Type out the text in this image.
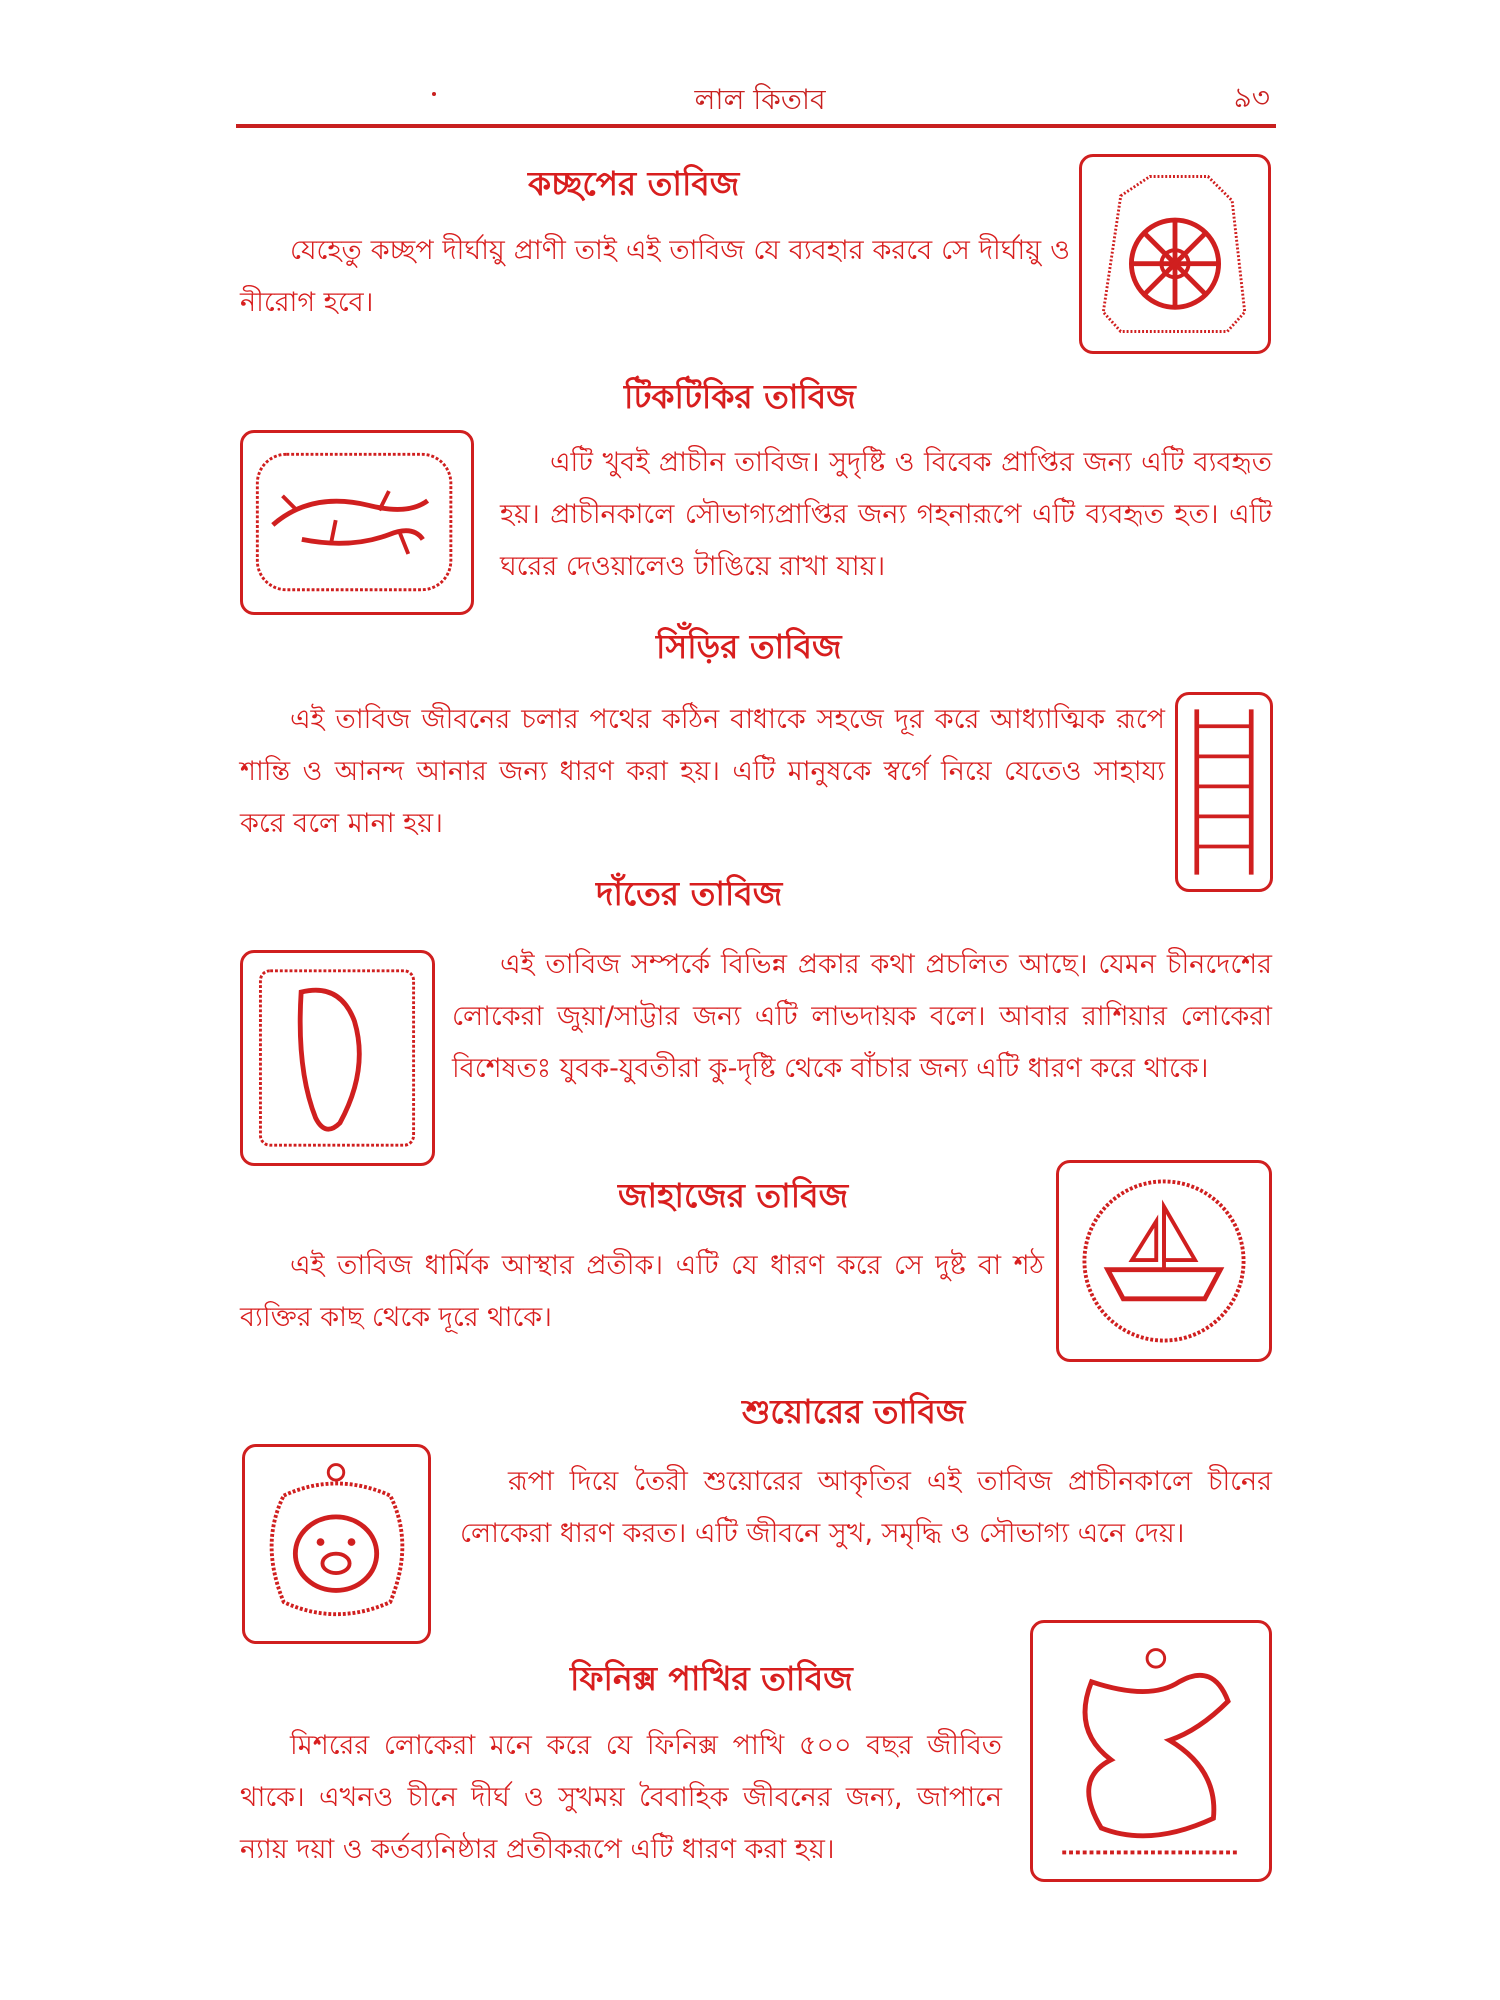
লাল কিতাব	৯৩
কচ্ছপের তাবিজ
যেহেতু কচ্ছপ দীর্ঘায়ু প্রাণী তাই এই তাবিজ যে ব্যবহার করবে সে দীর্ঘায়ু ও নীরোগ হবে।
টিকটিকির তাবিজ
এটি খুবই প্রাচীন তাবিজ। সুদৃষ্টি ও বিবেক প্রাপ্তির জন্য এটি ব্যবহৃত হয়। প্রাচীনকালে সৌভাগ্যপ্রাপ্তির জন্য গহনারূপে এটি ব্যবহৃত হত। এটি ঘরের দেওয়ালেও টাঙিয়ে রাখা যায়।
সিঁড়ির তাবিজ
এই তাবিজ জীবনের চলার পথের কঠিন বাধাকে সহজে দূর করে আধ্যাত্মিক রূপে শান্তি ও আনন্দ আনার জন্য ধারণ করা হয়। এটি মানুষকে স্বর্গে নিয়ে যেতেও সাহায্য করে বলে মানা হয়।
দাঁতের তাবিজ
এই তাবিজ সম্পর্কে বিভিন্ন প্রকার কথা প্রচলিত আছে। যেমন চীনদেশের লোকেরা জুয়া/সাট্টার জন্য এটি লাভদায়ক বলে। আবার রাশিয়ার লোকেরা বিশেষতঃ যুবক-যুবতীরা কু-দৃষ্টি থেকে বাঁচার জন্য এটি ধারণ করে থাকে।
জাহাজের তাবিজ
এই তাবিজ ধার্মিক আস্থার প্রতীক। এটি যে ধারণ করে সে দুষ্ট বা শঠ ব্যক্তির কাছ থেকে দূরে থাকে।
শুয়োরের তাবিজ
রূপা দিয়ে তৈরী শুয়োরের আকৃতির এই তাবিজ প্রাচীনকালে চীনের লোকেরা ধারণ করত। এটি জীবনে সুখ, সমৃদ্ধি ও সৌভাগ্য এনে দেয়।
ফিনিক্স পাখির তাবিজ
মিশরের লোকেরা মনে করে যে ফিনিক্স পাখি ৫০০ বছর জীবিত থাকে। এখনও চীনে দীর্ঘ ও সুখময় বৈবাহিক জীবনের জন্য, জাপানে ন্যায় দয়া ও কর্তব্যনিষ্ঠার প্রতীকরূপে এটি ধারণ করা হয়।
